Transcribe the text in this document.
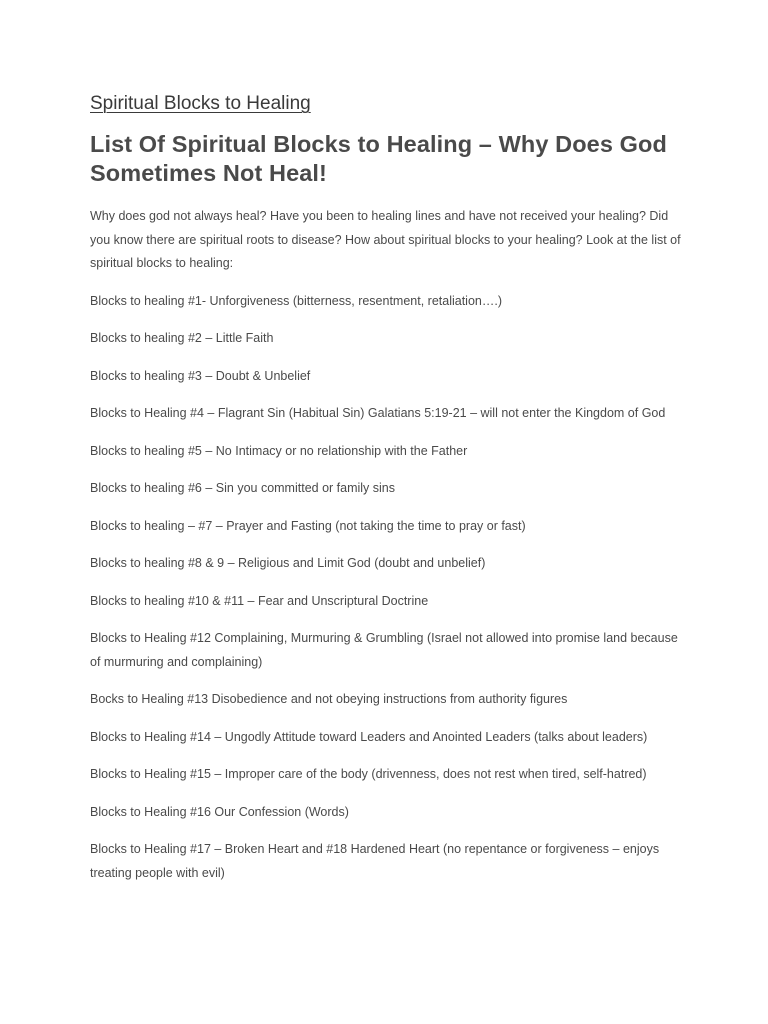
Spiritual Blocks to Healing
List Of Spiritual Blocks to Healing – Why Does God Sometimes Not Heal!

Why does god not always heal? Have you been to healing lines and have not received your healing? Did you know there are spiritual roots to disease? How about spiritual blocks to your healing? Look at the list of spiritual blocks to healing:

Blocks to healing #1- Unforgiveness (bitterness, resentment, retaliation….)
Blocks to healing #2 – Little Faith
Blocks to healing #3 – Doubt & Unbelief
Blocks to Healing #4 – Flagrant Sin (Habitual Sin) Galatians 5:19-21 – will not enter the Kingdom of God
Blocks to healing #5 – No Intimacy or no relationship with the Father
Blocks to healing #6 – Sin you committed or family sins
Blocks to healing – #7 – Prayer and Fasting (not taking the time to pray or fast)
Blocks to healing #8 & 9 – Religious and Limit God (doubt and unbelief)
Blocks to healing #10 & #11 – Fear and Unscriptural Doctrine
Blocks to Healing #12 Complaining, Murmuring & Grumbling (Israel not allowed into promise land because of murmuring and complaining)
Bocks to Healing #13 Disobedience and not obeying instructions from authority figures
Blocks to Healing #14 – Ungodly Attitude toward Leaders and Anointed Leaders (talks about leaders)
Blocks to Healing #15 – Improper care of the body (drivenness, does not rest when tired, self-hatred)
Blocks to Healing #16 Our Confession (Words)
Blocks to Healing #17 – Broken Heart and #18 Hardened Heart (no repentance or forgiveness – enjoys treating people with evil)
